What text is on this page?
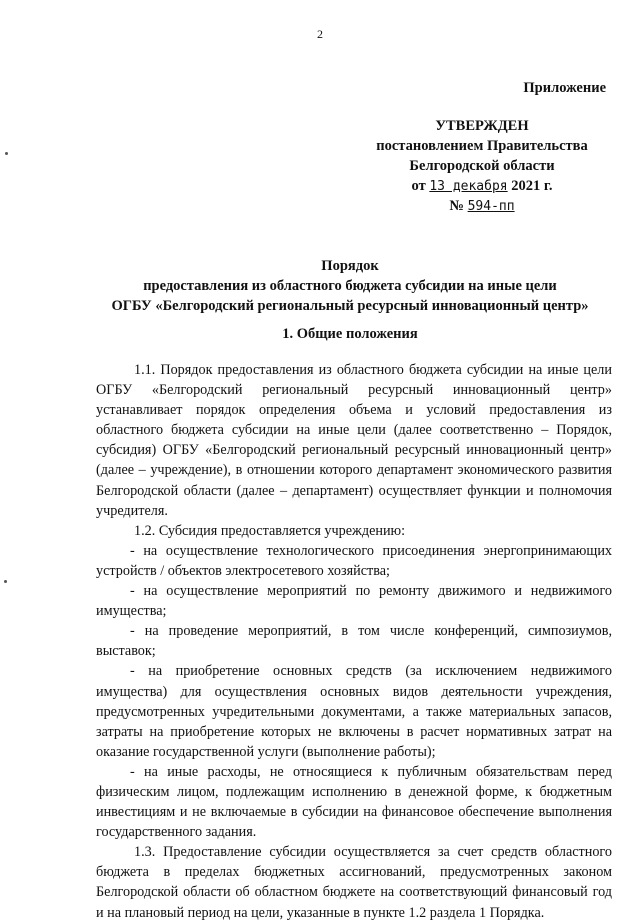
2
Приложение
УТВЕРЖДЕН
постановлением Правительства
Белгородской области
от 13 декабря 2021 г.
№ 594-пп
Порядок
предоставления из областного бюджета субсидии на иные цели
ОГБУ «Белгородский региональный ресурсный инновационный центр»
1. Общие положения

1.1. Порядок предоставления из областного бюджета субсидии на иные цели ОГБУ «Белгородский региональный ресурсный инновационный центр» устанавливает порядок определения объема и условий предоставления из областного бюджета субсидии на иные цели (далее соответственно – Порядок, субсидия) ОГБУ «Белгородский региональный ресурсный инновационный центр» (далее – учреждение), в отношении которого департамент экономического развития Белгородской области (далее – департамент) осуществляет функции и полномочия учредителя.

1.2. Субсидия предоставляется учреждению:

- на осуществление технологического присоединения энергопринимающих устройств / объектов электросетевого хозяйства;

- на осуществление мероприятий по ремонту движимого и недвижимого имущества;

- на проведение мероприятий, в том числе конференций, симпозиумов, выставок;

- на приобретение основных средств (за исключением недвижимого имущества) для осуществления основных видов деятельности учреждения, предусмотренных учредительными документами, а также материальных запасов, затраты на приобретение которых не включены в расчет нормативных затрат на оказание государственной услуги (выполнение работы);

- на иные расходы, не относящиеся к публичным обязательствам перед физическим лицом, подлежащим исполнению в денежной форме, к бюджетным инвестициям и не включаемые в субсидии на финансовое обеспечение выполнения государственного задания.

1.3. Предоставление субсидии осуществляется за счет средств областного бюджета в пределах бюджетных ассигнований, предусмотренных законом Белгородской области об областном бюджете на соответствующий финансовый год и на плановый период на цели, указанные в пункте 1.2 раздела 1 Порядка.
